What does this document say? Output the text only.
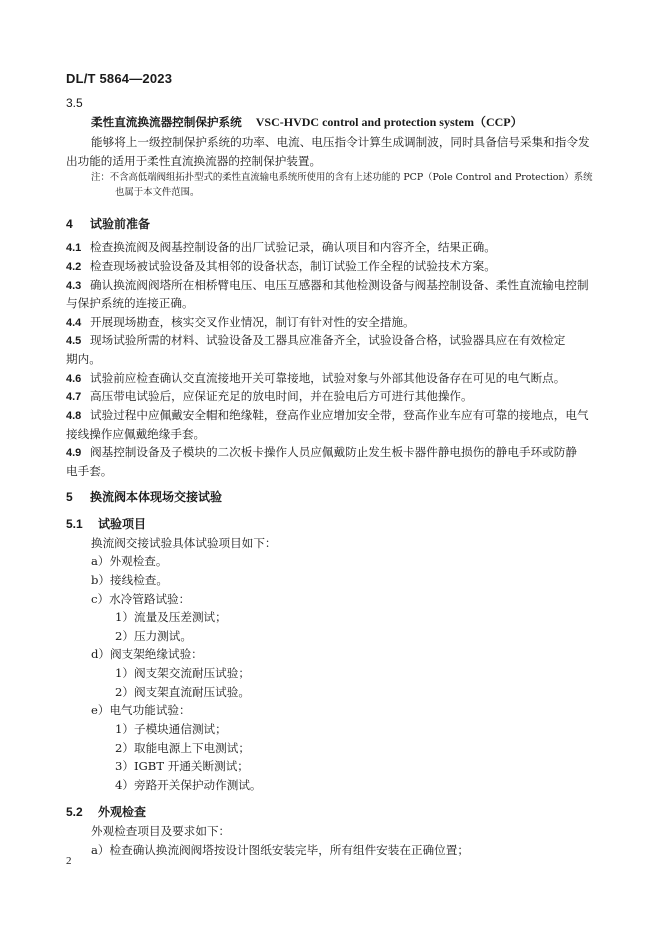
DL/T 5864—2023
3.5
柔性直流换流器控制保护系统 VSC-HVDC control and protection system（CCP）
能够将上一级控制保护系统的功率、电流、电压指令计算生成调制波，同时具备信号采集和指令发
出功能的适用于柔性直流换流器的控制保护装置。
注：不含高低端阀组拓扑型式的柔性直流输电系统所使用的含有上述功能的 PCP（Pole Control and Protection）系统
也属于本文件范围。
4 试验前准备
4.1 检查换流阀及阀基控制设备的出厂试验记录，确认项目和内容齐全，结果正确。
4.2 检查现场被试验设备及其相邻的设备状态，制订试验工作全程的试验技术方案。
4.3 确认换流阀阀塔所在相桥臂电压、电压互感器和其他检测设备与阀基控制设备、柔性直流输电控制
与保护系统的连接正确。
4.4 开展现场勘查，核实交叉作业情况，制订有针对性的安全措施。
4.5 现场试验所需的材料、试验设备及工器具应准备齐全，试验设备合格，试验器具应在有效检定
期内。
4.6 试验前应检查确认交直流接地开关可靠接地，试验对象与外部其他设备存在可见的电气断点。
4.7 高压带电试验后，应保证充足的放电时间，并在验电后方可进行其他操作。
4.8 试验过程中应佩戴安全帽和绝缘鞋，登高作业应增加安全带，登高作业车应有可靠的接地点，电气
接线操作应佩戴绝缘手套。
4.9 阀基控制设备及子模块的二次板卡操作人员应佩戴防止发生板卡器件静电损伤的静电手环或防静
电手套。
5 换流阀本体现场交接试验
5.1 试验项目
换流阀交接试验具体试验项目如下：
a）外观检查。
b）接线检查。
c）水冷管路试验：
1）流量及压差测试；
2）压力测试。
d）阀支架绝缘试验：
1）阀支架交流耐压试验；
2）阀支架直流耐压试验。
e）电气功能试验：
1）子模块通信测试；
2）取能电源上下电测试；
3）IGBT 开通关断测试；
4）旁路开关保护动作测试。
5.2 外观检查
外观检查项目及要求如下：
a）检查确认换流阀阀塔按设计图纸安装完毕，所有组件安装在正确位置；
2
